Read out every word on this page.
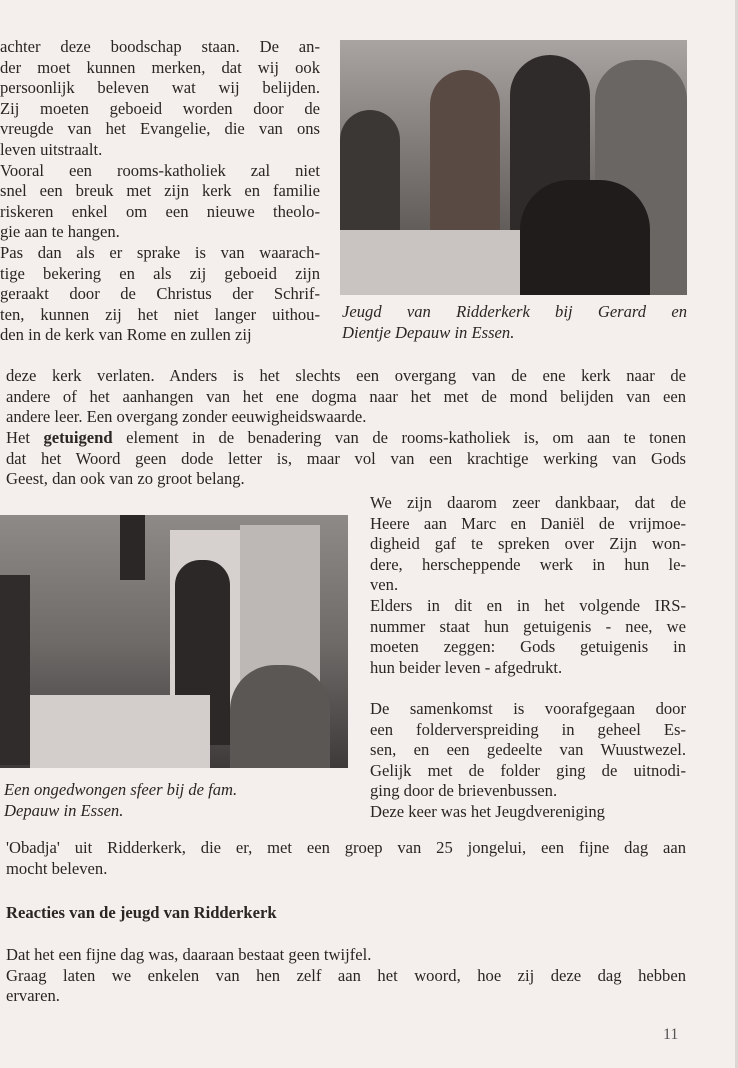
achter deze boodschap staan. De an-
der moet kunnen merken, dat wij ook
persoonlijk beleven wat wij belijden.
Zij moeten geboeid worden door de
vreugde van het Evangelie, die van ons
leven uitstraalt.
Vooral een rooms-katholiek zal niet
snel een breuk met zijn kerk en familie
riskeren enkel om een nieuwe theolo-
gie aan te hangen.
Pas dan als er sprake is van waarach-
tige bekering en als zij geboeid zijn
geraakt door de Christus der Schrif-
ten, kunnen zij het niet langer uithou-
den in de kerk van Rome en zullen zij
Jeugd van Ridderkerk bij Gerard en
Dientje Depauw in Essen.
deze kerk verlaten. Anders is het slechts een overgang van de ene kerk naar de
andere of het aanhangen van het ene dogma naar het met de mond belijden van een
andere leer. Een overgang zonder eeuwigheidswaarde.
Het getuigend element in de benadering van de rooms-katholiek is, om aan te tonen
dat het Woord geen dode letter is, maar vol van een krachtige werking van Gods
Geest, dan ook van zo groot belang.
Een ongedwongen sfeer bij de fam.
Depauw in Essen.
We zijn daarom zeer dankbaar, dat de
Heere aan Marc en Daniël de vrijmoe-
digheid gaf te spreken over Zijn won-
dere, herscheppende werk in hun le-
ven.
Elders in dit en in het volgende IRS-
nummer staat hun getuigenis - nee, we
moeten zeggen: Gods getuigenis in
hun beider leven - afgedrukt.
De samenkomst is voorafgegaan door
een folderverspreiding in geheel Es-
sen, en een gedeelte van Wuustwezel.
Gelijk met de folder ging de uitnodi-
ging door de brievenbussen.
Deze keer was het Jeugdvereniging
'Obadja' uit Ridderkerk, die er, met een groep van 25 jongelui, een fijne dag aan
mocht beleven.
Reacties van de jeugd van Ridderkerk
Dat het een fijne dag was, daaraan bestaat geen twijfel.
Graag laten we enkelen van hen zelf aan het woord, hoe zij deze dag hebben
ervaren.
11
